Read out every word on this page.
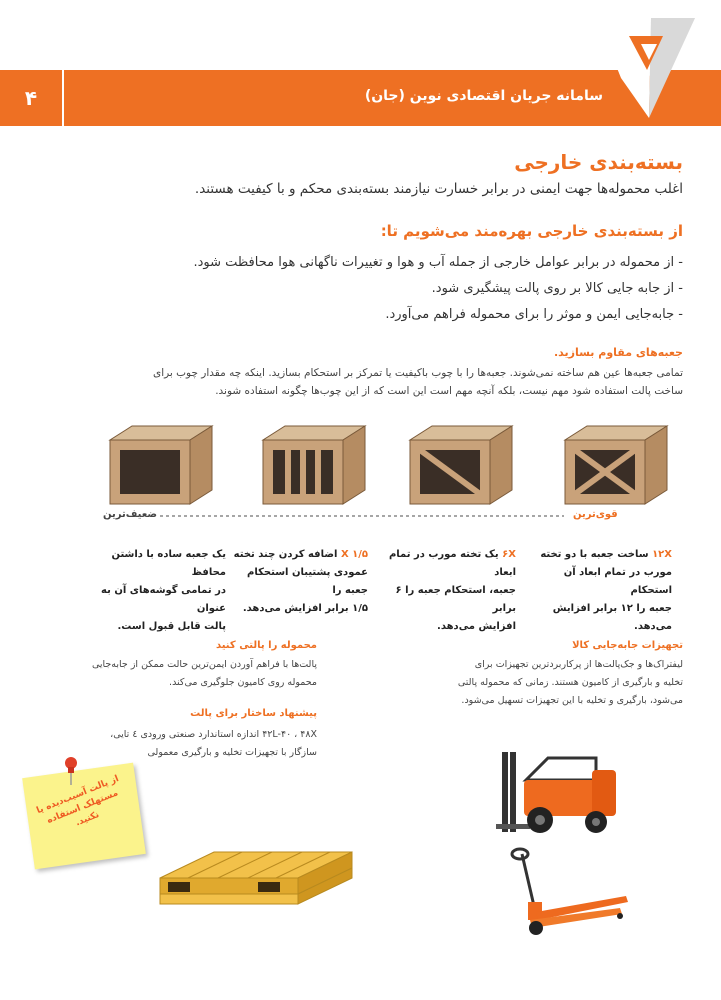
۴	سامانه جریان اقتصادی نوین (جان)
بسته‌بندی خارجی
اغلب محموله‌ها جهت ایمنی در برابر خسارت نیازمند بسته‌بندی محکم و با کیفیت هستند.
از بسته‌بندی خارجی بهره‌مند می‌شویم تا:
- از محموله در برابر عوامل خارجی از جمله آب و هوا و تغییرات ناگهانی هوا محافظت شود.
- از جابه جایی کالا بر روی پالت پیشگیری شود.
- جابه‌جایی ایمن و موثر را برای محموله فراهم می‌آورد.
جعبه‌های مقاوم بسازید.
تمامی جعبه‌ها عین هم ساخته نمی‌شوند. جعبه‌ها را با چوب باکیفیت یا تمرکز بر استحکام بسازید. اینکه چه مقدار چوب برای
ساخت پالت استفاده شود مهم نیست، بلکه آنچه مهم است این است که از این چوب‌ها چگونه استفاده شوند.
قوی‌ترین
ضعیف‌ترین
۱۲X ساخت جعبه با دو تخته
مورب در تمام ابعاد آن استحکام
جعبه را ۱۲ برابر افزایش می‌دهد.
۶X یک تخته مورب در تمام ابعاد
جعبه، استحکام جعبه را ۶ برابر
افزایش می‌دهد.
۱/۵ X اضافه کردن چند تخته
عمودی پشتیبان استحکام جعبه را
۱/۵ برابر افزایش می‌دهد.
یک جعبه ساده با داشتن محافظ
در تمامی گوشه‌های آن به عنوان
پالت قابل قبول است.
تجهیزات جابه‌جایی کالا
لیفتراک‌ها و جک‌پالت‌ها از پرکاربردترین تجهیزات برای
تخلیه و بارگیری از کامیون هستند. زمانی که محموله پالتی
می‌شود، بارگیری و تخلیه با این تجهیزات تسهیل می‌شود.
محموله را پالتی کنید
پالت‌ها با فراهم آوردن ایمن‌ترین حالت ممکن از جابه‌جایی
محموله روی کامیون جلوگیری می‌کند.
پیشنهاد ساختار برای پالت
۴۲L-۴۰ ، ۴۸X اندازه استاندارد صنعتی ورودی ٤ تایی،
سازگار با تجهیزات تخلیه و بارگیری معمولی
از پالت آسیب‌دیده یا مستهلک استفاده نکنید.
